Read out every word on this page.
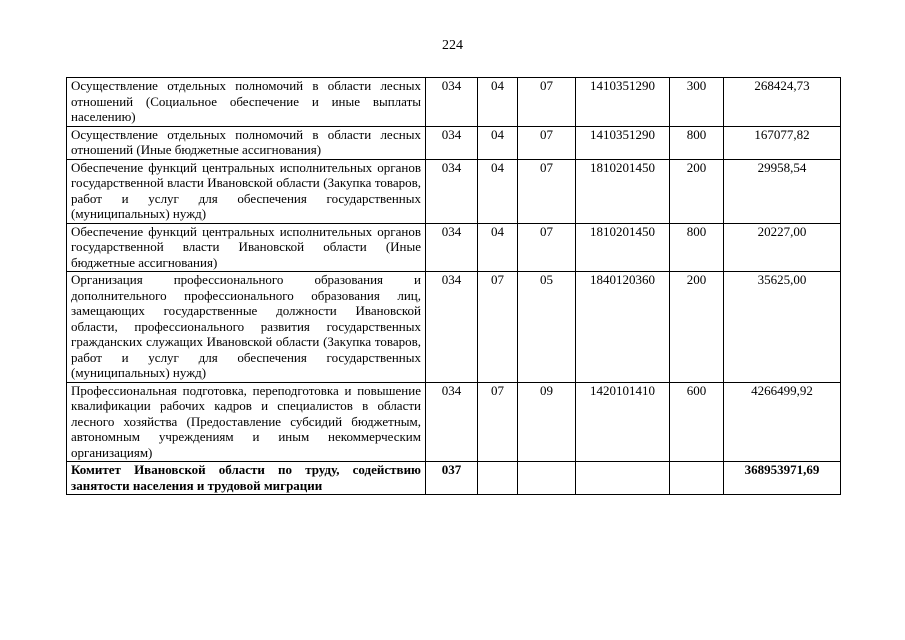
224
Осуществление отдельных полномочий в области лесных отношений (Социальное обеспечение и иные выплаты населению)	034	04	07	1410351290	300	268424,73
Осуществление отдельных полномочий в области лесных отношений (Иные бюджетные ассигнования)	034	04	07	1410351290	800	167077,82
Обеспечение функций центральных исполнительных органов государственной власти Ивановской области (Закупка товаров, работ и услуг для обеспечения государственных (муниципальных) нужд)	034	04	07	1810201450	200	29958,54
Обеспечение функций центральных исполнительных органов государственной власти Ивановской области (Иные бюджетные ассигнования)	034	04	07	1810201450	800	20227,00
Организация профессионального образования и дополнительного профессионального образования лиц, замещающих государственные должности Ивановской области, профессионального развития государственных гражданских служащих Ивановской области (Закупка товаров, работ и услуг для обеспечения государственных (муниципальных) нужд)	034	07	05	1840120360	200	35625,00
Профессиональная подготовка, переподготовка и повышение квалификации рабочих кадров и специалистов в области лесного хозяйства (Предоставление субсидий бюджетным, автономным учреждениям и иным некоммерческим организациям)	034	07	09	1420101410	600	4266499,92
Комитет Ивановской области по труду, содействию занятости населения и трудовой миграции	037					368953971,69
